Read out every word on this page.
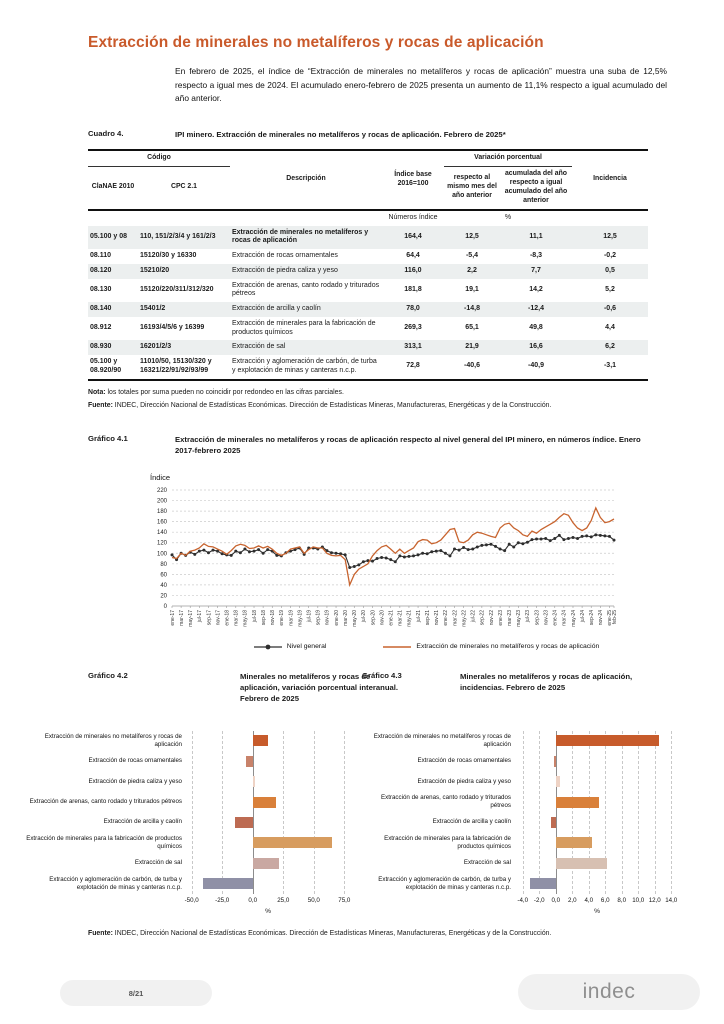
Extracción de minerales no metalíferos y rocas de aplicación

En febrero de 2025, el índice de “Extracción de minerales no metalíferos y rocas de aplicación” muestra una suba de 12,5% respecto a igual mes de 2024. El acumulado enero-febrero de 2025 presenta un aumento de 11,1% respecto a igual acumulado del año anterior.

Cuadro 4.	IPI minero. Extracción de minerales no metalíferos y rocas de aplicación. Febrero de 2025*
Código		Descripción	Índice base 2016=100	Variación porcentual		Incidencia
ClaNAE 2010	CPC 2.1			respecto al mismo mes del año anterior	acumulada del año respecto a igual acumulado del año anterior	
			Números índice	%		
05.100 y 08	110, 151/2/3/4 y 161/2/3	Extracción de minerales no metalíferos y rocas de aplicación	164,4	12,5	11,1	12,5
08.110	15120/30 y 16330	Extracción de rocas ornamentales	64,4	-5,4	-8,3	-0,2
08.120	15210/20	Extracción de piedra caliza y yeso	116,0	2,2	7,7	0,5
08.130	15120/220/311/312/320	Extracción de arenas, canto rodado y triturados pétreos	181,8	19,1	14,2	5,2
08.140	15401/2	Extracción de arcilla y caolín	78,0	-14,8	-12,4	-0,6
08.912	16193/4/5/6 y 16399	Extracción de minerales para la fabricación de productos químicos	269,3	65,1	49,8	4,4
08.930	16201/2/3	Extracción de sal	313,1	21,9	16,6	6,2
05.100 y 08.920/90	11010/50, 15130/320 y 16321/22/91/92/93/99	Extracción y aglomeración de carbón, de turba y explotación de minas y canteras n.c.p.	72,8	-40,6	-40,9	-3,1

Nota: los totales por suma pueden no coincidir por redondeo en las cifras parciales.

Fuente: INDEC, Dirección Nacional de Estadísticas Económicas. Dirección de Estadísticas Mineras, Manufactureras, Energéticas y de la Construcción.

Gráfico 4.1	Extracción de minerales no metalíferos y rocas de aplicación respecto al nivel general del IPI minero, en números índice. Enero 2017-febrero 2025
Índice
0
20
40
60
80
100
120
140
160
180
200
220
ene-17 mar-17 may-17 jul-17 sep-17 nov-17 ene-18 mar-18 may-18 jul-18 sep-18 nov-18 ene-19 mar-19 may-19 jul-19 sep-19 nov-19 ene-20 mar-20 may-20 jul-20 sep-20 nov-20 ene-21 mar-21 may-21 jul-21 sep-21 nov-21 ene-22 mar-22 may-22 jul-22 sep-22 nov-22 ene-23 mar-23 may-23 jul-23 sep-23 nov-23 ene-24 mar-24 may-24 jul-24 sep-24 nov-24 ene-25
feb-25
Nivel general	Extracción de minerales no metalíferos y rocas de aplicación
Gráfico 4.2	Minerales no metalíferos y rocas de aplicación, variación porcentual interanual. Febrero de 2025
Gráfico 4.3	Minerales no metalíferos y rocas de aplicación, incidencias. Febrero de 2025
Extracción de minerales no metalíferos y rocas de aplicación
Extracción de rocas ornamentales
Extracción de piedra caliza y yeso
Extracción de arenas, canto rodado y triturados pétreos
Extracción de arcilla y caolín
Extracción de minerales para la fabricación de productos químicos
Extracción de sal
Extracción y aglomeración de carbón, de turba y explotación de minas y canteras n.c.p.
-50,0	-25,0	0,0	25,0	50,0	75,0
%
Extracción de minerales no metalíferos y rocas de aplicación
Extracción de rocas ornamentales
Extracción de piedra caliza y yeso
Extracción de arenas, canto rodado y triturados pétreos
Extracción de arcilla y caolín
Extracción de minerales para la fabricación de productos químicos
Extracción de sal
Extracción y aglomeración de carbón, de turba y explotación de minas y canteras n.c.p.
-4,0 -2,0 0,0 2,0 4,0 6,0 8,0 10,0 12,0 14,0
%

Fuente: INDEC, Dirección Nacional de Estadísticas Económicas. Dirección de Estadísticas Mineras, Manufactureras, Energéticas y de la Construcción.

8/21	indec
